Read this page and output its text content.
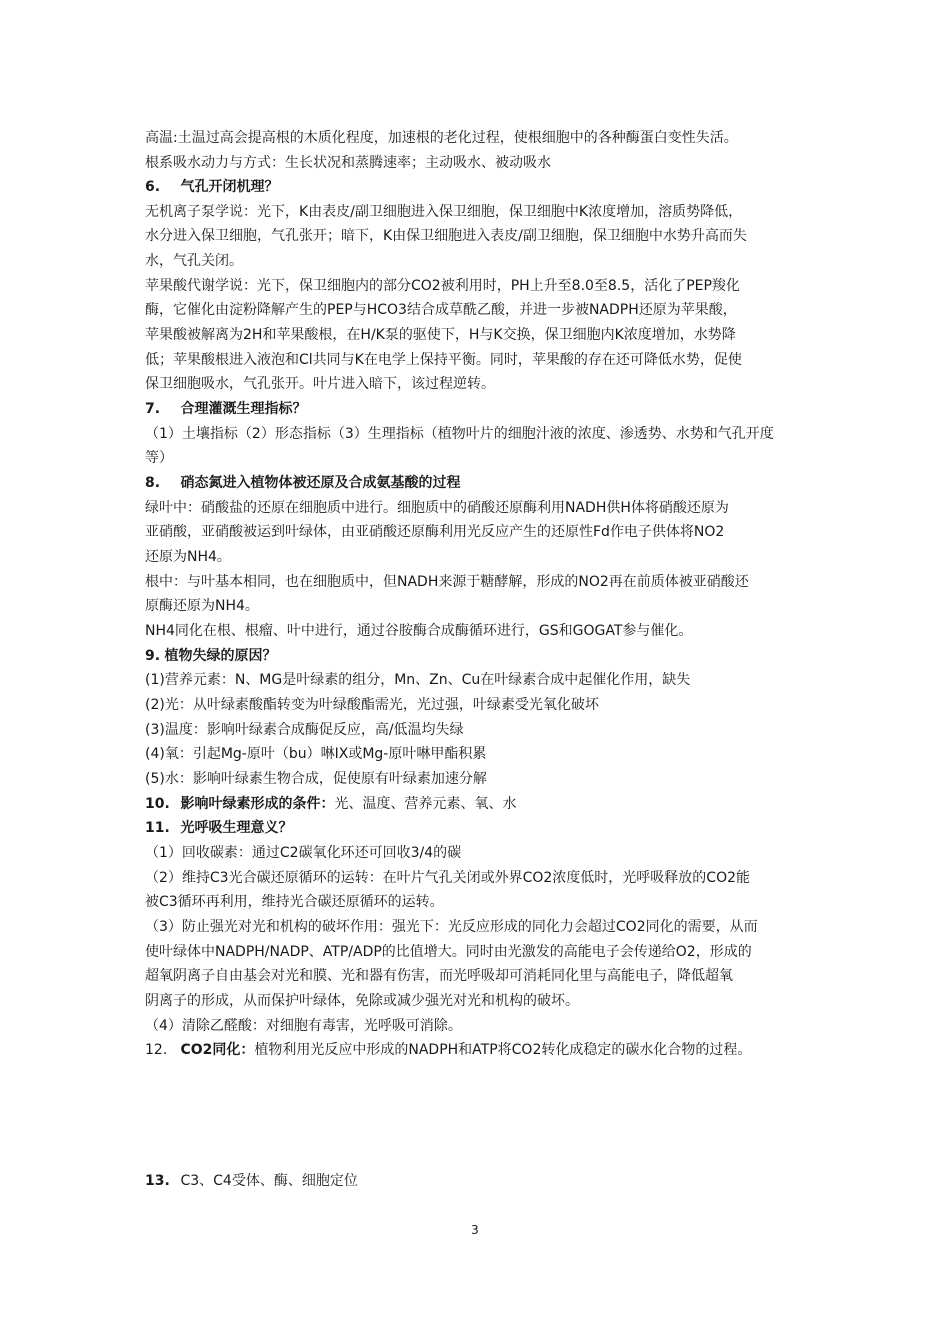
高温:土温过高会提高根的木质化程度，加速根的老化过程，使根细胞中的各种酶蛋白变性失活。
根系吸水动力与方式：生长状况和蒸腾速率；主动吸水、被动吸水
6. 气孔开闭机理？
无机离子泵学说：光下，K由表皮/副卫细胞进入保卫细胞，保卫细胞中K浓度增加，溶质势降低，
水分进入保卫细胞，气孔张开；暗下，K由保卫细胞进入表皮/副卫细胞，保卫细胞中水势升高而失
水，气孔关闭。
苹果酸代谢学说：光下，保卫细胞内的部分CO2被利用时，PH上升至8.0至8.5，活化了PEP羧化
酶，它催化由淀粉降解产生的PEP与HCO3结合成草酰乙酸，并进一步被NADPH还原为苹果酸，
苹果酸被解离为2H和苹果酸根，在H/K泵的驱使下，H与K交换，保卫细胞内K浓度增加，水势降
低；苹果酸根进入液泡和Cl共同与K在电学上保持平衡。同时，苹果酸的存在还可降低水势，促使
保卫细胞吸水，气孔张开。叶片进入暗下，该过程逆转。
7. 合理灌溉生理指标？
（1）土壤指标（2）形态指标（3）生理指标（植物叶片的细胞汁液的浓度、渗透势、水势和气孔开度
等）
8. 硝态氮进入植物体被还原及合成氨基酸的过程
绿叶中：硝酸盐的还原在细胞质中进行。细胞质中的硝酸还原酶利用NADH供H体将硝酸还原为
亚硝酸，亚硝酸被运到叶绿体，由亚硝酸还原酶利用光反应产生的还原性Fd作电子供体将NO2
还原为NH4。
根中：与叶基本相同，也在细胞质中，但NADH来源于糖酵解，形成的NO2再在前质体被亚硝酸还
原酶还原为NH4。
NH4同化在根、根瘤、叶中进行，通过谷胺酶合成酶循环进行，GS和GOGAT参与催化。
9. 植物失绿的原因？
(1)营养元素：N、MG是叶绿素的组分，Mn、Zn、Cu在叶绿素合成中起催化作用，缺失
(2)光：从叶绿素酸酯转变为叶绿酸酯需光，光过强，叶绿素受光氧化破坏
(3)温度：影响叶绿素合成酶促反应，高/低温均失绿
(4)氧：引起Mg-原叶（bu）啉IX或Mg-原叶啉甲酯积累
(5)水：影响叶绿素生物合成，促使原有叶绿素加速分解
10. 影响叶绿素形成的条件：光、温度、营养元素、氧、水
11. 光呼吸生理意义？
（1）回收碳素：通过C2碳氧化环还可回收3/4的碳
（2）维持C3光合碳还原循环的运转：在叶片气孔关闭或外界CO2浓度低时，光呼吸释放的CO2能
被C3循环再利用，维持光合碳还原循环的运转。
（3）防止强光对光和机构的破坏作用：强光下：光反应形成的同化力会超过CO2同化的需要，从而
使叶绿体中NADPH/NADP、ATP/ADP的比值增大。同时由光激发的高能电子会传递给O2，形成的
超氧阴离子自由基会对光和膜、光和器有伤害，而光呼吸却可消耗同化里与高能电子，降低超氧
阴离子的形成，从而保护叶绿体，免除或减少强光对光和机构的破坏。
（4）清除乙醛酸：对细胞有毒害，光呼吸可消除。
12. CO2同化：植物利用光反应中形成的NADPH和ATP将CO2转化成稳定的碳水化合物的过程。
13. C3、C4受体、酶、细胞定位
3
